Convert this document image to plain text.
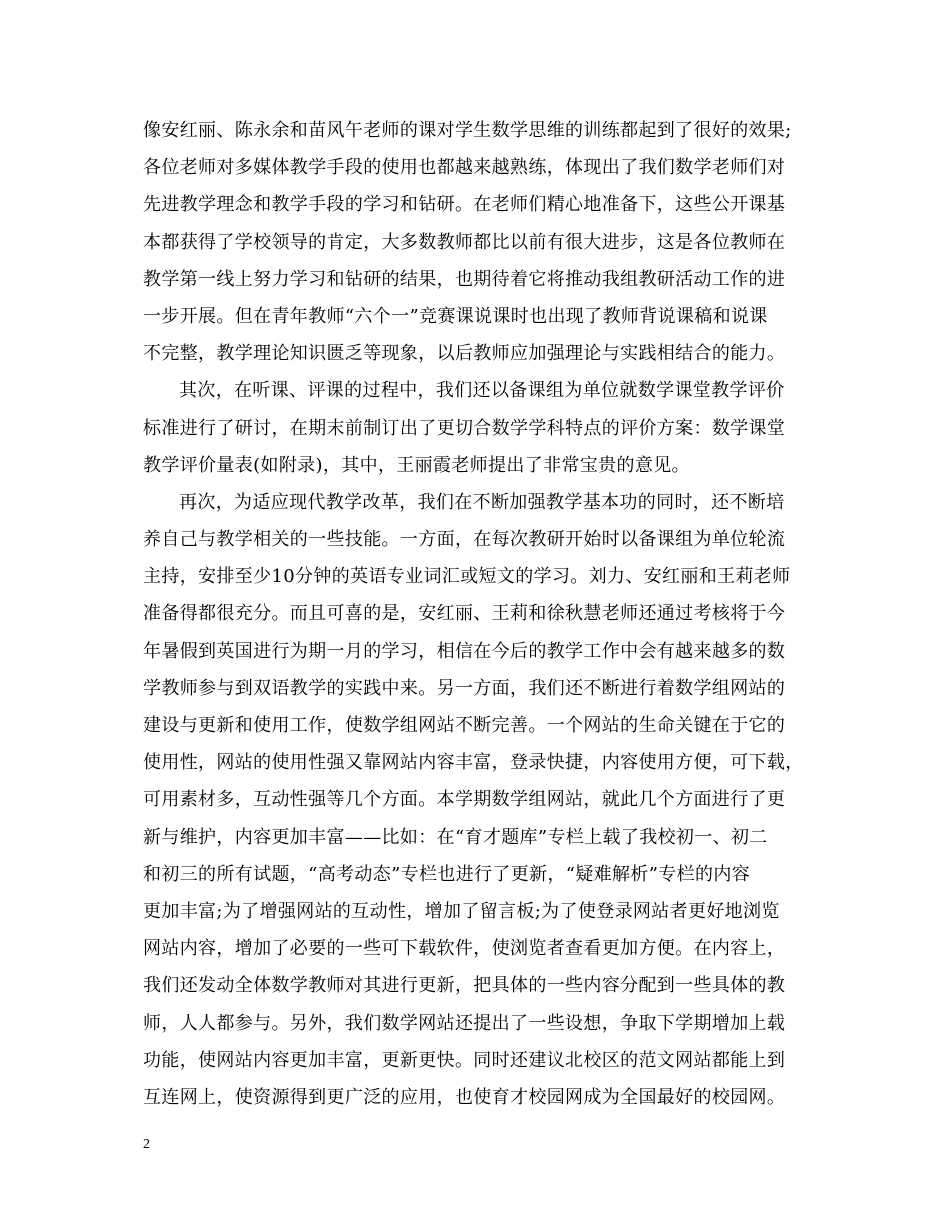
像安红丽、陈永余和苗风午老师的课对学生数学思维的训练都起到了很好的效果;
各位老师对多媒体教学手段的使用也都越来越熟练，体现出了我们数学老师们对
先进教学理念和教学手段的学习和钻研。在老师们精心地准备下，这些公开课基
本都获得了学校领导的肯定，大多数教师都比以前有很大进步，这是各位教师在
教学第一线上努力学习和钻研的结果，也期待着它将推动我组教研活动工作的进
一步开展。但在青年教师“六个一”竞赛课说课时也出现了教师背说课稿和说课
不完整，教学理论知识匮乏等现象，以后教师应加强理论与实践相结合的能力。
其次，在听课、评课的过程中，我们还以备课组为单位就数学课堂教学评价
标准进行了研讨，在期末前制订出了更切合数学学科特点的评价方案：数学课堂
教学评价量表(如附录)，其中，王丽霞老师提出了非常宝贵的意见。
再次，为适应现代教学改革，我们在不断加强教学基本功的同时，还不断培
养自己与教学相关的一些技能。一方面，在每次教研开始时以备课组为单位轮流
主持，安排至少10分钟的英语专业词汇或短文的学习。刘力、安红丽和王莉老师
准备得都很充分。而且可喜的是，安红丽、王莉和徐秋慧老师还通过考核将于今
年暑假到英国进行为期一月的学习，相信在今后的教学工作中会有越来越多的数
学教师参与到双语教学的实践中来。另一方面，我们还不断进行着数学组网站的
建设与更新和使用工作，使数学组网站不断完善。一个网站的生命关键在于它的
使用性，网站的使用性强又靠网站内容丰富，登录快捷，内容使用方便，可下载，
可用素材多，互动性强等几个方面。本学期数学组网站，就此几个方面进行了更
新与维护，内容更加丰富——比如：在“育才题库”专栏上载了我校初一、初二
和初三的所有试题，“高考动态”专栏也进行了更新，“疑难解析”专栏的内容
更加丰富;为了增强网站的互动性，增加了留言板;为了使登录网站者更好地浏览
网站内容，增加了必要的一些可下载软件，使浏览者查看更加方便。在内容上，
我们还发动全体数学教师对其进行更新，把具体的一些内容分配到一些具体的教
师，人人都参与。另外，我们数学网站还提出了一些设想，争取下学期增加上载
功能，使网站内容更加丰富，更新更快。同时还建议北校区的范文网站都能上到
互连网上，使资源得到更广泛的应用，也使育才校园网成为全国最好的校园网。
2
